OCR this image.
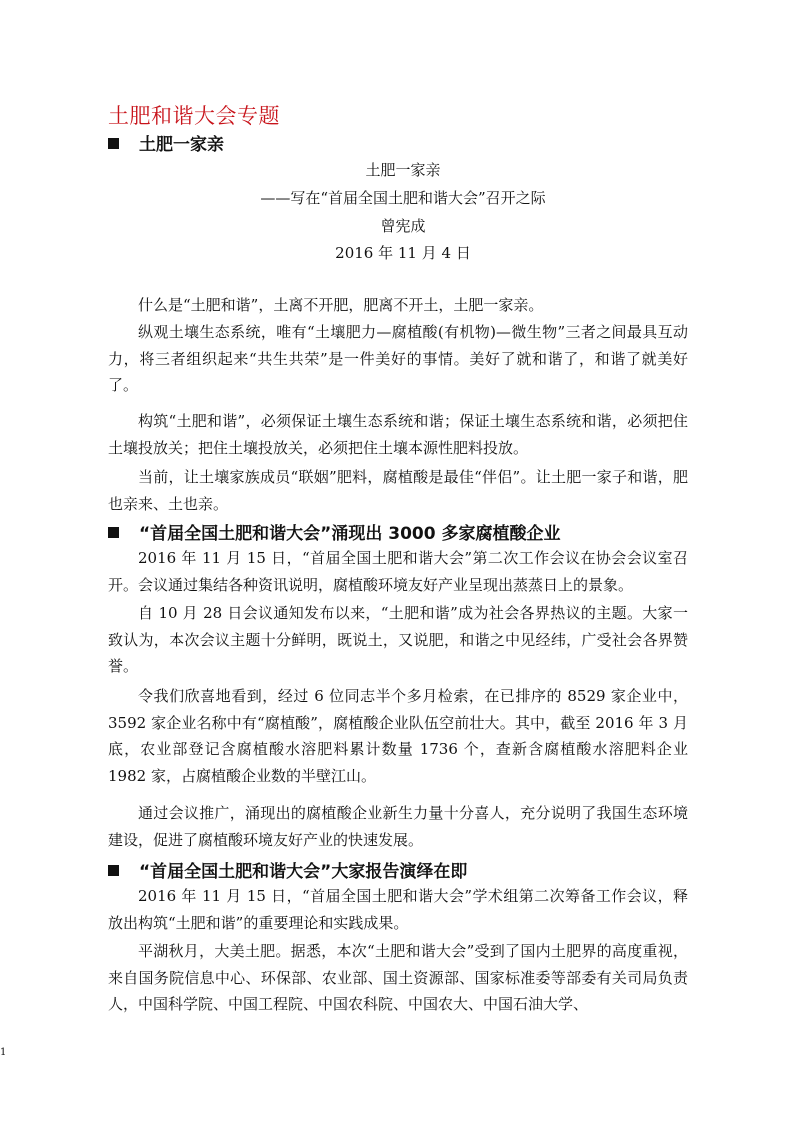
土肥和谐大会专题
土肥一家亲
土肥一家亲
——写在“首届全国土肥和谐大会”召开之际
曾宪成
2016 年 11 月 4 日

什么是“土肥和谐”，土离不开肥，肥离不开土，土肥一家亲。

纵观土壤生态系统，唯有“土壤肥力—腐植酸(有机物)—微生物”三者之间最具互动力，将三者组织起来“共生共荣”是一件美好的事情。美好了就和谐了，和谐了就美好了。

构筑“土肥和谐”，必须保证土壤生态系统和谐；保证土壤生态系统和谐，必须把住土壤投放关；把住土壤投放关，必须把住土壤本源性肥料投放。

当前，让土壤家族成员“联姻”肥料，腐植酸是最佳“伴侣”。让土肥一家子和谐，肥也亲来、土也亲。

“首届全国土肥和谐大会”涌现出 3000 多家腐植酸企业

2016 年 11 月 15 日，“首届全国土肥和谐大会”第二次工作会议在协会会议室召开。会议通过集结各种资讯说明，腐植酸环境友好产业呈现出蒸蒸日上的景象。

自 10 月 28 日会议通知发布以来，“土肥和谐”成为社会各界热议的主题。大家一致认为，本次会议主题十分鲜明，既说土，又说肥，和谐之中见经纬，广受社会各界赞誉。

令我们欣喜地看到，经过 6 位同志半个多月检索，在已排序的 8529 家企业中，3592 家企业名称中有“腐植酸”，腐植酸企业队伍空前壮大。其中，截至 2016 年 3 月底，农业部登记含腐植酸水溶肥料累计数量 1736 个，查新含腐植酸水溶肥料企业 1982 家，占腐植酸企业数的半壁江山。

通过会议推广，涌现出的腐植酸企业新生力量十分喜人，充分说明了我国生态环境建设，促进了腐植酸环境友好产业的快速发展。

“首届全国土肥和谐大会”大家报告演绎在即

2016 年 11 月 15 日，“首届全国土肥和谐大会”学术组第二次筹备工作会议，释放出构筑“土肥和谐”的重要理论和实践成果。

平湖秋月，大美土肥。据悉，本次“土肥和谐大会”受到了国内土肥界的高度重视，来自国务院信息中心、环保部、农业部、国土资源部、国家标准委等部委有关司局负责人，中国科学院、中国工程院、中国农科院、中国农大、中国石油大学、

1
